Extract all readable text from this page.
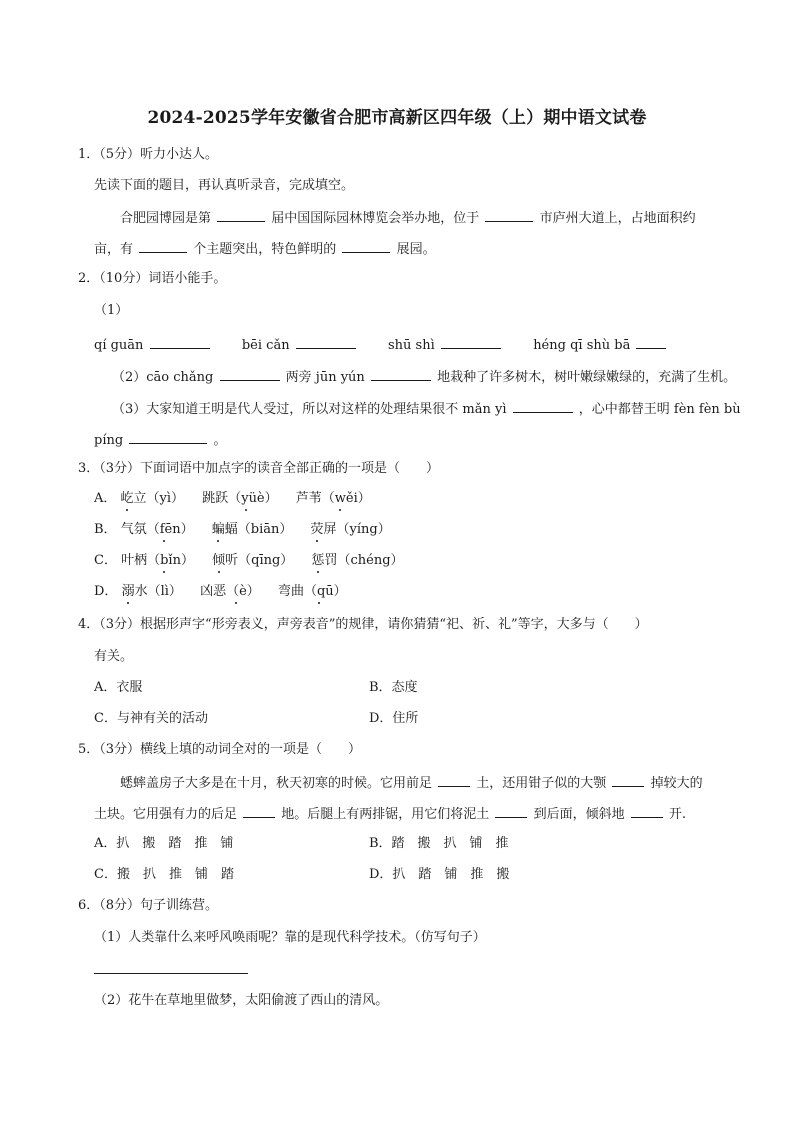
2024-2025学年安徽省合肥市高新区四年级（上）期中语文试卷
1．（5分）听力小达人。
先读下面的题目，再认真听录音，完成填空。
合肥园博园是第	届中国国际园林博览会举办地，位于	市庐州大道上，占地面积约
亩，有	个主题突出，特色鲜明的	展园。
2．（10分）词语小能手。
（1）
qí guān	bēi cǎn	shū shì	héng qī shù bā
（2）cāo chǎng	两旁 jūn yún	地栽种了许多树木，树叶嫩绿嫩绿的，充满了生机。
（3）大家知道王明是代人受过，所以对这样的处理结果很不 mǎn yì	，心中都替王明 fèn fèn bù
píng	。
3．（3分）下面词语中加点字的读音全部正确的一项是（　　）
A． 屹立（yì） 跳跃（yüè） 芦苇（wěi）
B． 气氛（fēn） 蝙蝠（biān） 荧屏（yíng）
C． 叶柄（bǐn） 倾听（qīng） 惩罚（chéng）
D． 溺水（lì） 凶恶（è） 弯曲（qū）
4．（3分）根据形声字“形旁表义，声旁表音”的规律，请你猜猜“祀、祈、礼”等字，大多与（　　）
有关。
A．衣服	B．态度
C．与神有关的活动	D．住所
5．（3分）横线上填的动词全对的一项是（　　）
蟋蟀盖房子大多是在十月，秋天初寒的时候。它用前足	土，还用钳子似的大颚	掉较大的
土块。它用强有力的后足	地。后腿上有两排锯，用它们将泥土	到后面，倾斜地	开.
A．扒　搬　踏　推　铺	B．踏　搬　扒　铺　推
C．搬　扒　推　铺　踏	D．扒　踏　铺　推　搬
6．（8分）句子训练营。
（1）人类靠什么来呼风唤雨呢？靠的是现代科学技术。（仿写句子）
（2）花牛在草地里做梦，太阳偷渡了西山的清风。
